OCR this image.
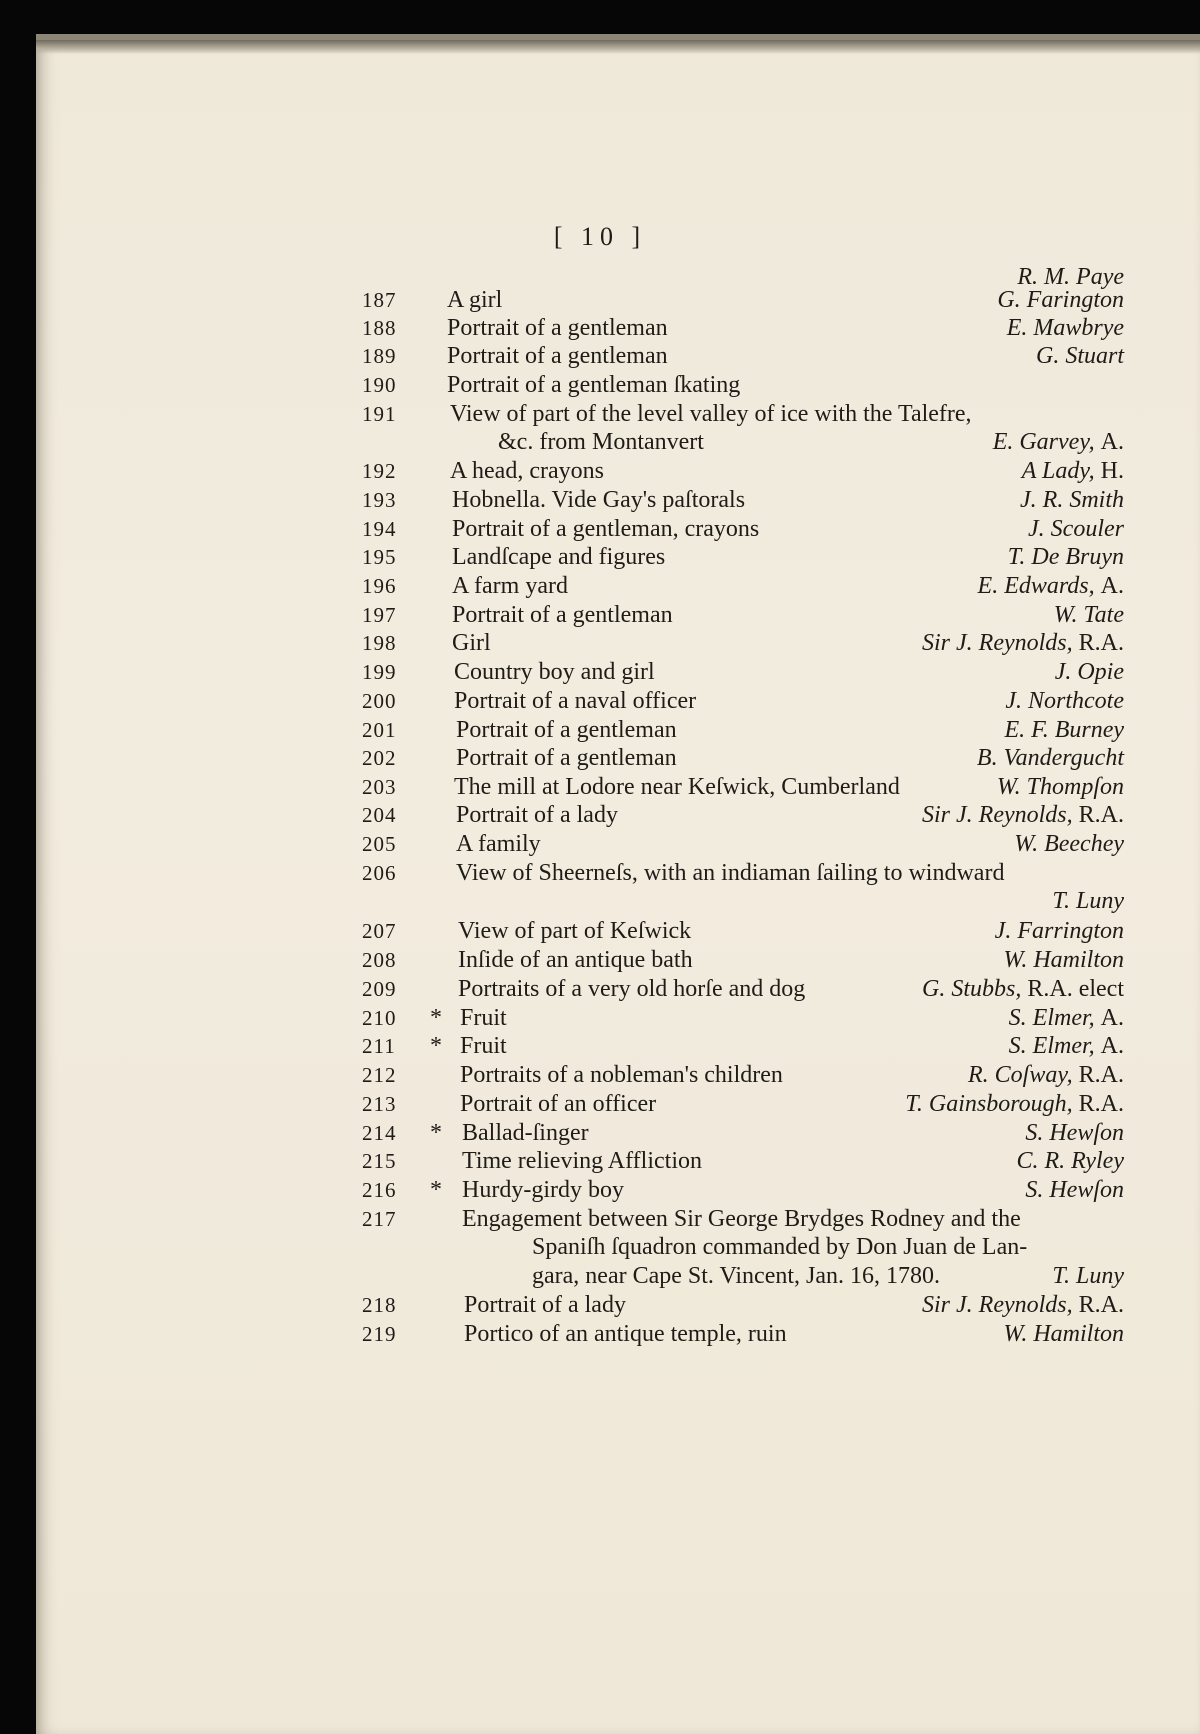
[ 10 ]
R. M. Paye
187	A girl	G. Farington
188	Portrait of a gentleman	E. Mawbrye
189	Portrait of a gentleman	G. Stuart
190	Portrait of a gentleman ſkating
191	View of part of the level valley of ice with the Talefre,
&c. from Montanvert	E. Garvey, A.
192	A head, crayons	A Lady, H.
193	Hobnella. Vide Gay's paſtorals	J. R. Smith
194	Portrait of a gentleman, crayons	J. Scouler
195	Landſcape and figures	T. De Bruyn
196	A farm yard	E. Edwards, A.
197	Portrait of a gentleman	W. Tate
198	Girl	Sir J. Reynolds, R.A.
199	Country boy and girl	J. Opie
200	Portrait of a naval officer	J. Northcote
201	Portrait of a gentleman	E. F. Burney
202	Portrait of a gentleman	B. Vandergucht
203	The mill at Lodore near Keſwick, Cumberland	W. Thompſon
204	Portrait of a lady	Sir J. Reynolds, R.A.
205	A family	W. Beechey
206	View of Sheerneſs, with an indiaman ſailing to windward
T. Luny
207	View of part of Keſwick	J. Farrington
208	Inſide of an antique bath	W. Hamilton
209	Portraits of a very old horſe and dog	G. Stubbs, R.A. elect
210	* Fruit	S. Elmer, A.
211	* Fruit	S. Elmer, A.
212	Portraits of a nobleman's children	R. Coſway, R.A.
213	Portrait of an officer	T. Gainsborough, R.A.
214	* Ballad-ſinger	S. Hewſon
215	Time relieving Affliction	C. R. Ryley
216	* Hurdy-girdy boy	S. Hewſon
217	Engagement between Sir George Brydges Rodney and the
Spaniſh ſquadron commanded by Don Juan de Lan-
gara, near Cape St. Vincent, Jan. 16, 1780.	T. Luny
218	Portrait of a lady	Sir J. Reynolds, R.A.
219	Portico of an antique temple, ruin	W. Hamilton
